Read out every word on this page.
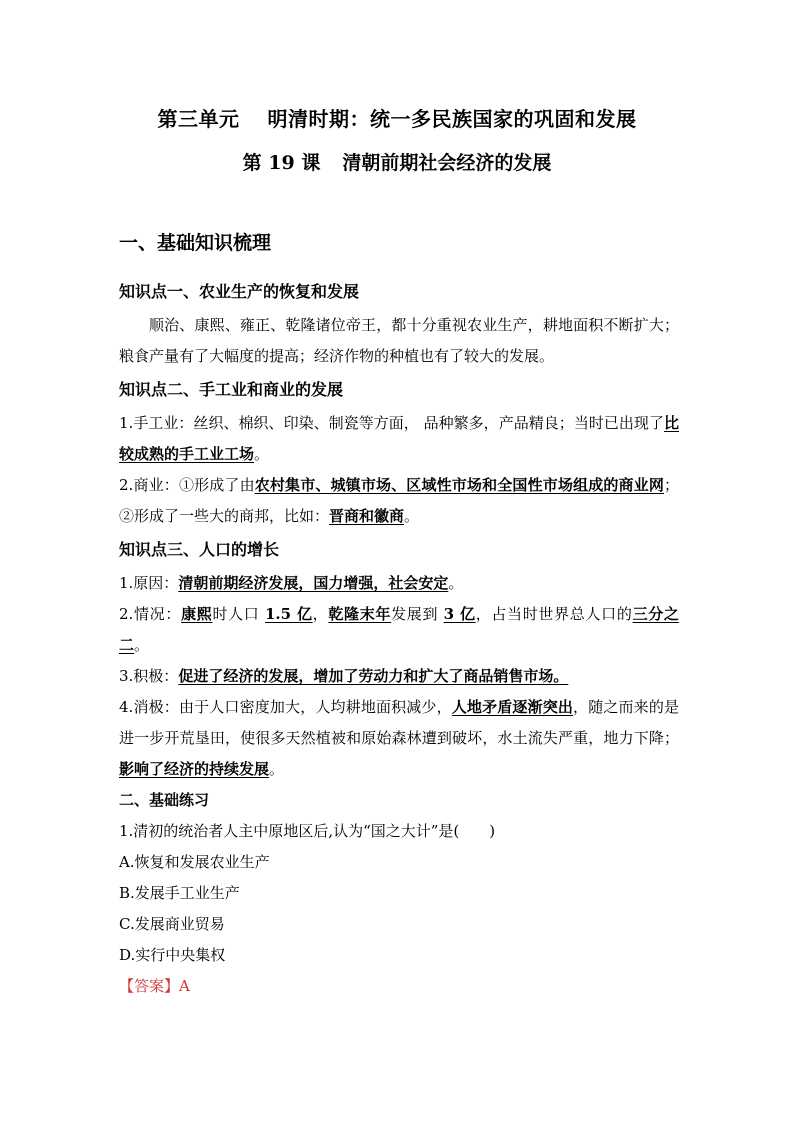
第三单元 明清时期：统一多民族国家的巩固和发展
第 19 课 清朝前期社会经济的发展
一、基础知识梳理
知识点一、农业生产的恢复和发展

顺治、康熙、雍正、乾隆诸位帝王，都十分重视农业生产，耕地面积不断扩大；粮食产量有了大幅度的提高；经济作物的种植也有了较大的发展。

知识点二、手工业和商业的发展

1.手工业：丝织、棉织、印染、制瓷等方面， 品种繁多，产品精良；当时已出现了比较成熟的手工业工场。

2.商业：①形成了由农村集市、城镇市场、区域性市场和全国性市场组成的商业网；②形成了一些大的商邦，比如：晋商和徽商。

知识点三、人口的增长

1.原因：清朝前期经济发展，国力增强，社会安定。

2.情况：康熙时人口 1.5 亿，乾隆末年发展到 3 亿，占当时世界总人口的三分之二。

3.积极：促进了经济的发展，增加了劳动力和扩大了商品销售市场。

4.消极：由于人口密度加大，人均耕地面积减少，人地矛盾逐渐突出，随之而来的是进一步开荒垦田，使很多天然植被和原始森林遭到破坏，水土流失严重，地力下降；影响了经济的持续发展。

二、基础练习
1.清初的统治者人主中原地区后,认为“国之大计”是(　　)
A.恢复和发展农业生产
B.发展手工业生产
C.发展商业贸易
D.实行中央集权
【答案】A
